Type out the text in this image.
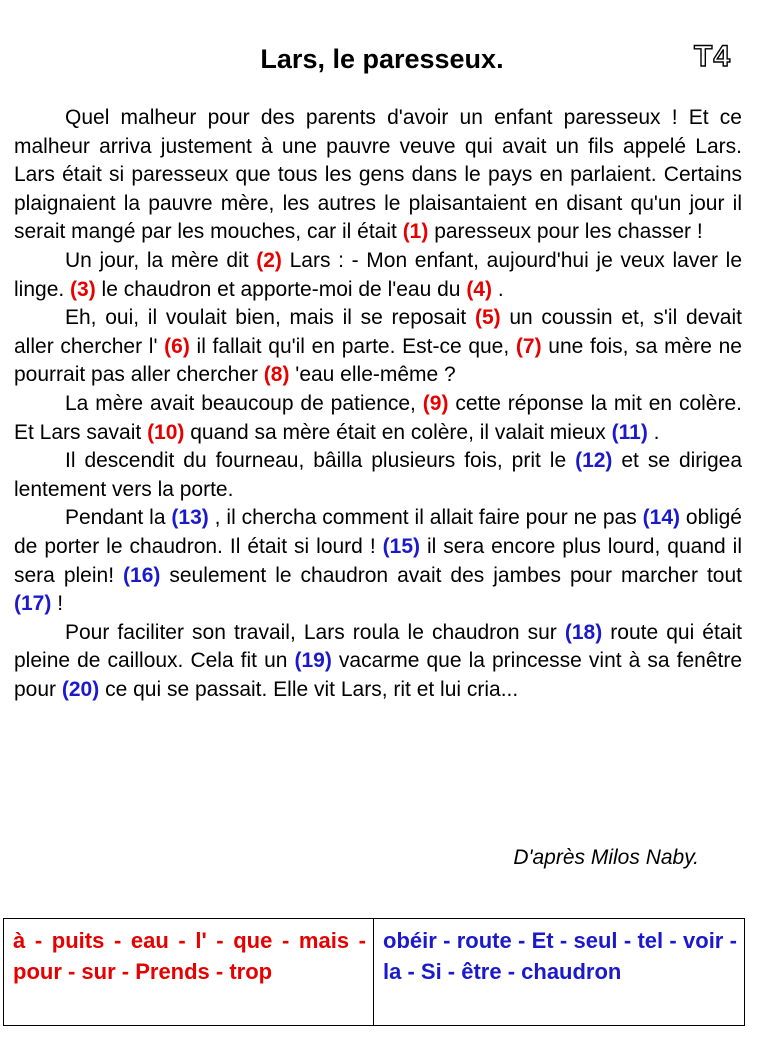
Lars, le paresseux.	T4

Quel malheur pour des parents d'avoir un enfant paresseux ! Et ce malheur arriva justement à une pauvre veuve qui avait un fils appelé Lars. Lars était si paresseux que tous les gens dans le pays en parlaient. Certains plaignaient la pauvre mère, les autres le plaisantaient en disant qu'un jour il serait mangé par les mouches, car il était (1) paresseux pour les chasser !

Un jour, la mère dit (2) Lars : - Mon enfant, aujourd'hui je veux laver le linge. (3) le chaudron et apporte-moi de l'eau du (4) .

Eh, oui, il voulait bien, mais il se reposait (5) un coussin et, s'il devait aller chercher l' (6) il fallait qu'il en parte. Est-ce que, (7) une fois, sa mère ne pourrait pas aller chercher (8) 'eau elle-même ?

La mère avait beaucoup de patience, (9) cette réponse la mit en colère. Et Lars savait (10) quand sa mère était en colère, il valait mieux (11) .

Il descendit du fourneau, bâilla plusieurs fois, prit le (12) et se dirigea lentement vers la porte.

Pendant la (13) , il chercha comment il allait faire pour ne pas (14) obligé de porter le chaudron. Il était si lourd ! (15) il sera encore plus lourd, quand il sera plein! (16) seulement le chaudron avait des jambes pour marcher tout (17) !

Pour faciliter son travail, Lars roula le chaudron sur (18) route qui était pleine de cailloux. Cela fit un (19) vacarme que la princesse vint à sa fenêtre pour (20) ce qui se passait. Elle vit Lars, rit et lui cria...

D'après Milos Naby.
à - puits - eau - l' - que - mais - pour - sur - Prends - trop
obéir - route - Et - seul - tel - voir - la - Si - être - chaudron
